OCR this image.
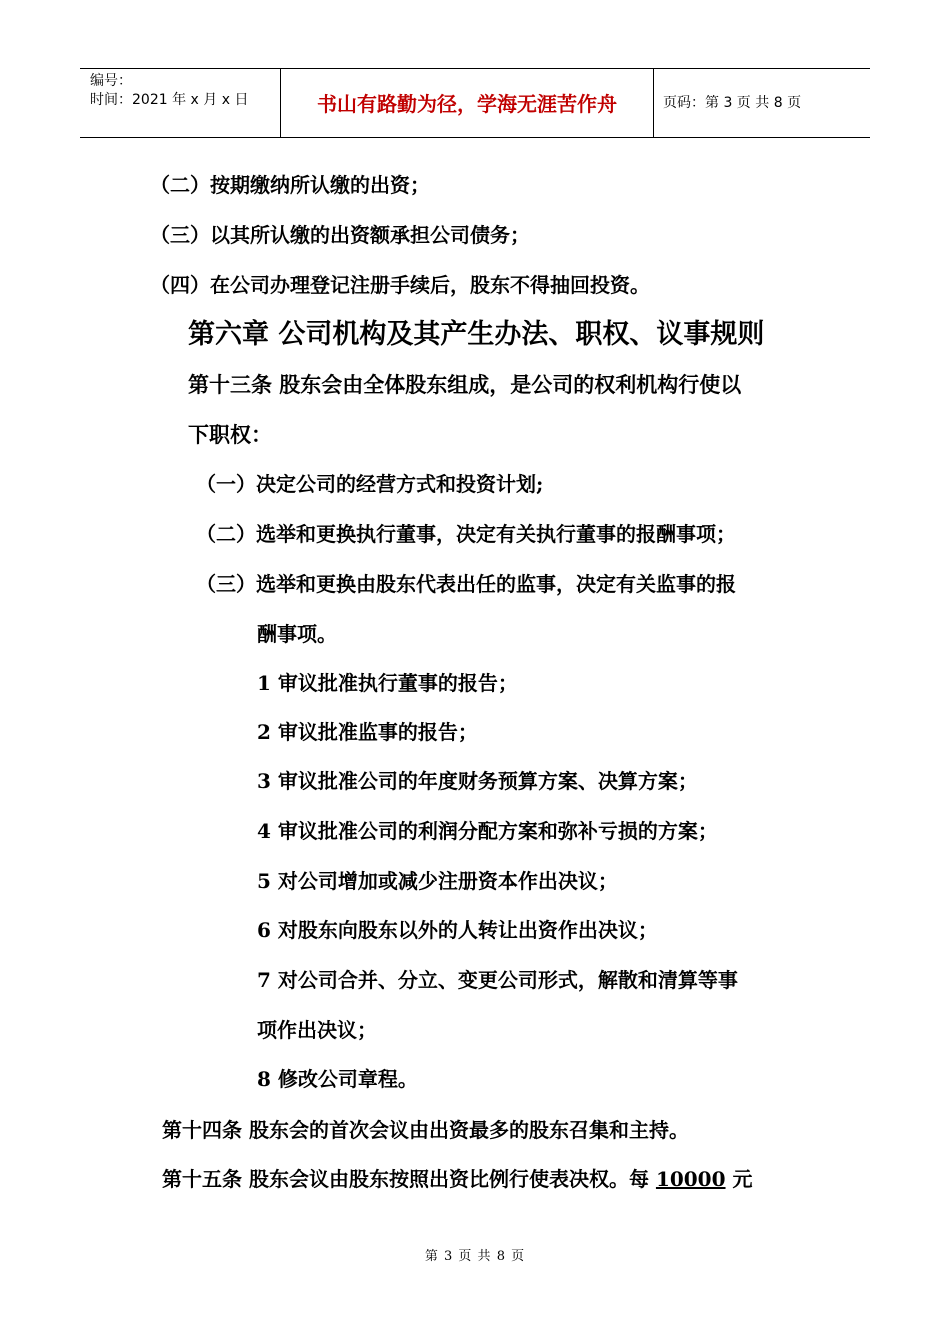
编号：
时间：2021 年 x 月 x 日	书山有路勤为径，学海无涯苦作舟	页码：第 3 页 共 8 页
（二）按期缴纳所认缴的出资；
（三）以其所认缴的出资额承担公司债务；
（四）在公司办理登记注册手续后，股东不得抽回投资。
第六章 公司机构及其产生办法、职权、议事规则
第十三条 股东会由全体股东组成，是公司的权利机构行使以
下职权：
（一）决定公司的经营方式和投资计划;
（二）选举和更换执行董事，决定有关执行董事的报酬事项；
（三）选举和更换由股东代表出任的监事，决定有关监事的报
酬事项。
1 审议批准执行董事的报告；
2 审议批准监事的报告；
3 审议批准公司的年度财务预算方案、决算方案；
4 审议批准公司的利润分配方案和弥补亏损的方案；
5 对公司增加或减少注册资本作出决议；
6 对股东向股东以外的人转让出资作出决议；
7 对公司合并、分立、变更公司形式，解散和清算等事
项作出决议；
8 修改公司章程。
第十四条 股东会的首次会议由出资最多的股东召集和主持。
第十五条 股东会议由股东按照出资比例行使表决权。每 10000 元
第 3 页 共 8 页
